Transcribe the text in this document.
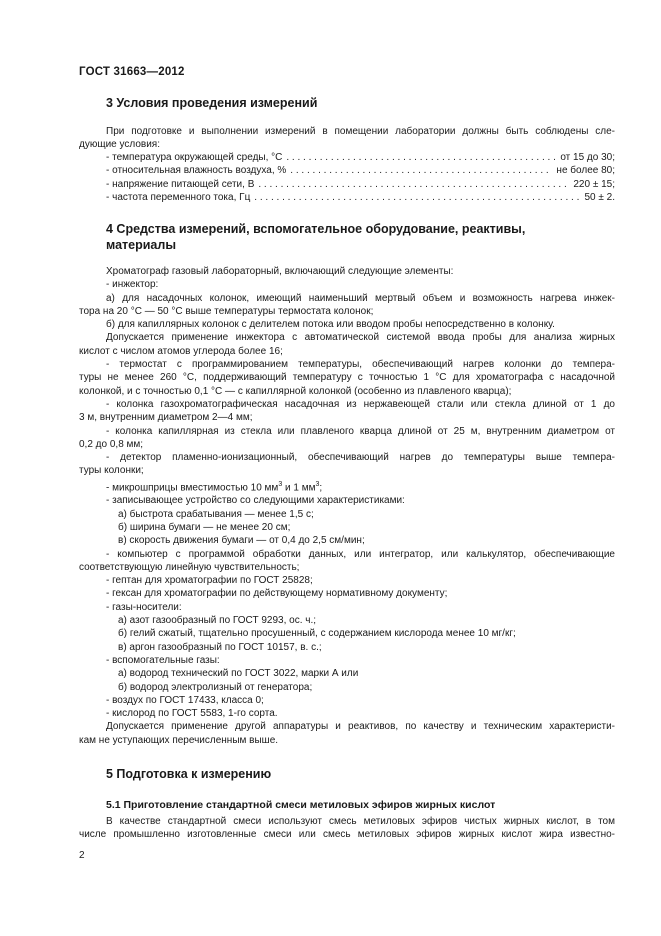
ГОСТ 31663—2012
3 Условия проведения измерений
При подготовке и выполнении измерений в помещении лаборатории должны быть соблюдены сле-
дующие условия:
- температура окружающей среды, °С . . .	от 15 до 30;
- относительная влажность воздуха, % . . .	не более 80;
- напряжение питающей сети, В . . .	220 ± 15;
- частота переменного тока, Гц . . .	50 ± 2.
4 Средства измерений, вспомогательное оборудование, реактивы,
материалы
Хроматограф газовый лабораторный, включающий следующие элементы:
- инжектор:
а) для насадочных колонок, имеющий наименьший мертвый объем и возможность нагрева инжек-
тора на 20 °С — 50 °С выше температуры термостата колонок;
б) для капиллярных колонок с делителем потока или вводом пробы непосредственно в колонку.
Допускается применение инжектора с автоматической системой ввода пробы для анализа жирных
кислот с числом атомов углерода более 16;
- термостат с программированием температуры, обеспечивающий нагрев колонки до темпера-
туры не менее 260 °С, поддерживающий температуру с точностью 1 °С для хроматографа с насадочной
колонкой, и с точностью 0,1 °С — с капиллярной колонкой (особенно из плавленого кварца);
- колонка газохроматографическая насадочная из нержавеющей стали или стекла длиной от 1 до
3 м, внутренним диаметром 2—4 мм;
- колонка капиллярная из стекла или плавленого кварца длиной от 25 м, внутренним диаметром от
0,2 до 0,8 мм;
- детектор пламенно-ионизационный, обеспечивающий нагрев до температуры выше темпера-
туры колонки;
- микрошприцы вместимостью 10 $мм^3$ и 1 $мм^3$;
- записывающее устройство со следующими характеристиками:
а) быстрота срабатывания — менее 1,5 с;
б) ширина бумаги — не менее 20 см;
в) скорость движения бумаги — от 0,4 до 2,5 см/мин;
- компьютер с программой обработки данных, или интегратор, или калькулятор, обеспечивающие
соответствующую линейную чувствительность;
- гептан для хроматографии по ГОСТ 25828;
- гексан для хроматографии по действующему нормативному документу;
- газы-носители:
а) азот газообразный по ГОСТ 9293, ос. ч.;
б) гелий сжатый, тщательно просушенный, с содержанием кислорода менее 10 мг/кг;
в) аргон газообразный по ГОСТ 10157, в. с.;
- вспомогательные газы:
а) водород технический по ГОСТ 3022, марки А или
б) водород электролизный от генератора;
- воздух по ГОСТ 17433, класса 0;
- кислород по ГОСТ 5583, 1-го сорта.
Допускается применение другой аппаратуры и реактивов, по качеству и техническим характеристи-
кам не уступающих перечисленным выше.
5 Подготовка к измерению
5.1 Приготовление стандартной смеси метиловых эфиров жирных кислот
В качестве стандартной смеси используют смесь метиловых эфиров чистых жирных кислот, в том
числе промышленно изготовленные смеси или смесь метиловых эфиров жирных кислот жира известно-
2
